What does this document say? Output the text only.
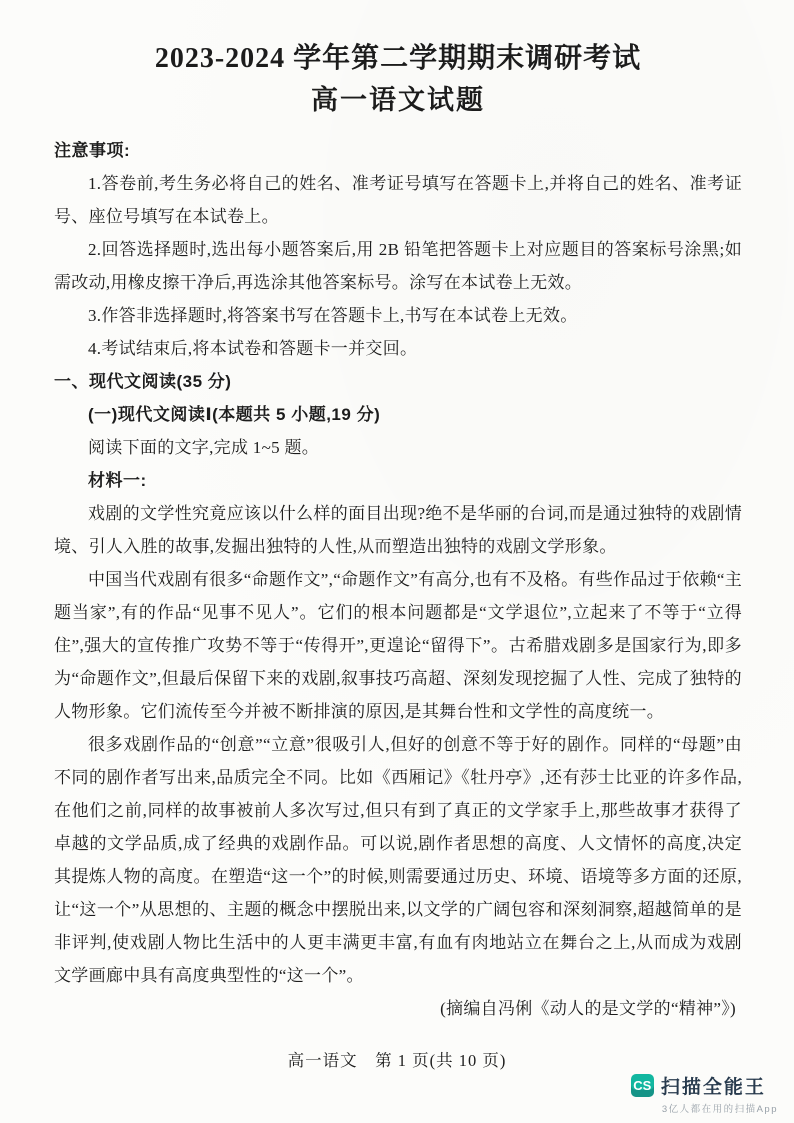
2023-2024 学年第二学期期末调研考试
高一语文试题

注意事项:

1.答卷前,考生务必将自己的姓名、准考证号填写在答题卡上,并将自己的姓名、准考证号、座位号填写在本试卷上。

2.回答选择题时,选出每小题答案后,用 2B 铅笔把答题卡上对应题目的答案标号涂黑;如需改动,用橡皮擦干净后,再选涂其他答案标号。涂写在本试卷上无效。

3.作答非选择题时,将答案书写在答题卡上,书写在本试卷上无效。

4.考试结束后,将本试卷和答题卡一并交回。

一、现代文阅读(35 分)

(一)现代文阅读Ⅰ(本题共 5 小题,19 分)

阅读下面的文字,完成 1~5 题。

材料一:

戏剧的文学性究竟应该以什么样的面目出现?绝不是华丽的台词,而是通过独特的戏剧情境、引人入胜的故事,发掘出独特的人性,从而塑造出独特的戏剧文学形象。

中国当代戏剧有很多“命题作文”,“命题作文”有高分,也有不及格。有些作品过于依赖“主题当家”,有的作品“见事不见人”。它们的根本问题都是“文学退位”,立起来了不等于“立得住”,强大的宣传推广攻势不等于“传得开”,更遑论“留得下”。古希腊戏剧多是国家行为,即多为“命题作文”,但最后保留下来的戏剧,叙事技巧高超、深刻发现挖掘了人性、完成了独特的人物形象。它们流传至今并被不断排演的原因,是其舞台性和文学性的高度统一。

很多戏剧作品的“创意”“立意”很吸引人,但好的创意不等于好的剧作。同样的“母题”由不同的剧作者写出来,品质完全不同。比如《西厢记》《牡丹亭》,还有莎士比亚的许多作品,在他们之前,同样的故事被前人多次写过,但只有到了真正的文学家手上,那些故事才获得了卓越的文学品质,成了经典的戏剧作品。可以说,剧作者思想的高度、人文情怀的高度,决定其提炼人物的高度。在塑造“这一个”的时候,则需要通过历史、环境、语境等多方面的还原,让“这一个”从思想的、主题的概念中摆脱出来,以文学的广阔包容和深刻洞察,超越简单的是非评判,使戏剧人物比生活中的人更丰满更丰富,有血有肉地站立在舞台之上,从而成为戏剧文学画廊中具有高度典型性的“这一个”。

(摘编自冯俐《动人的是文学的“精神”》)

高一语文　第 1 页(共 10 页)
CS 扫描全能王
3亿人都在用的扫描App
